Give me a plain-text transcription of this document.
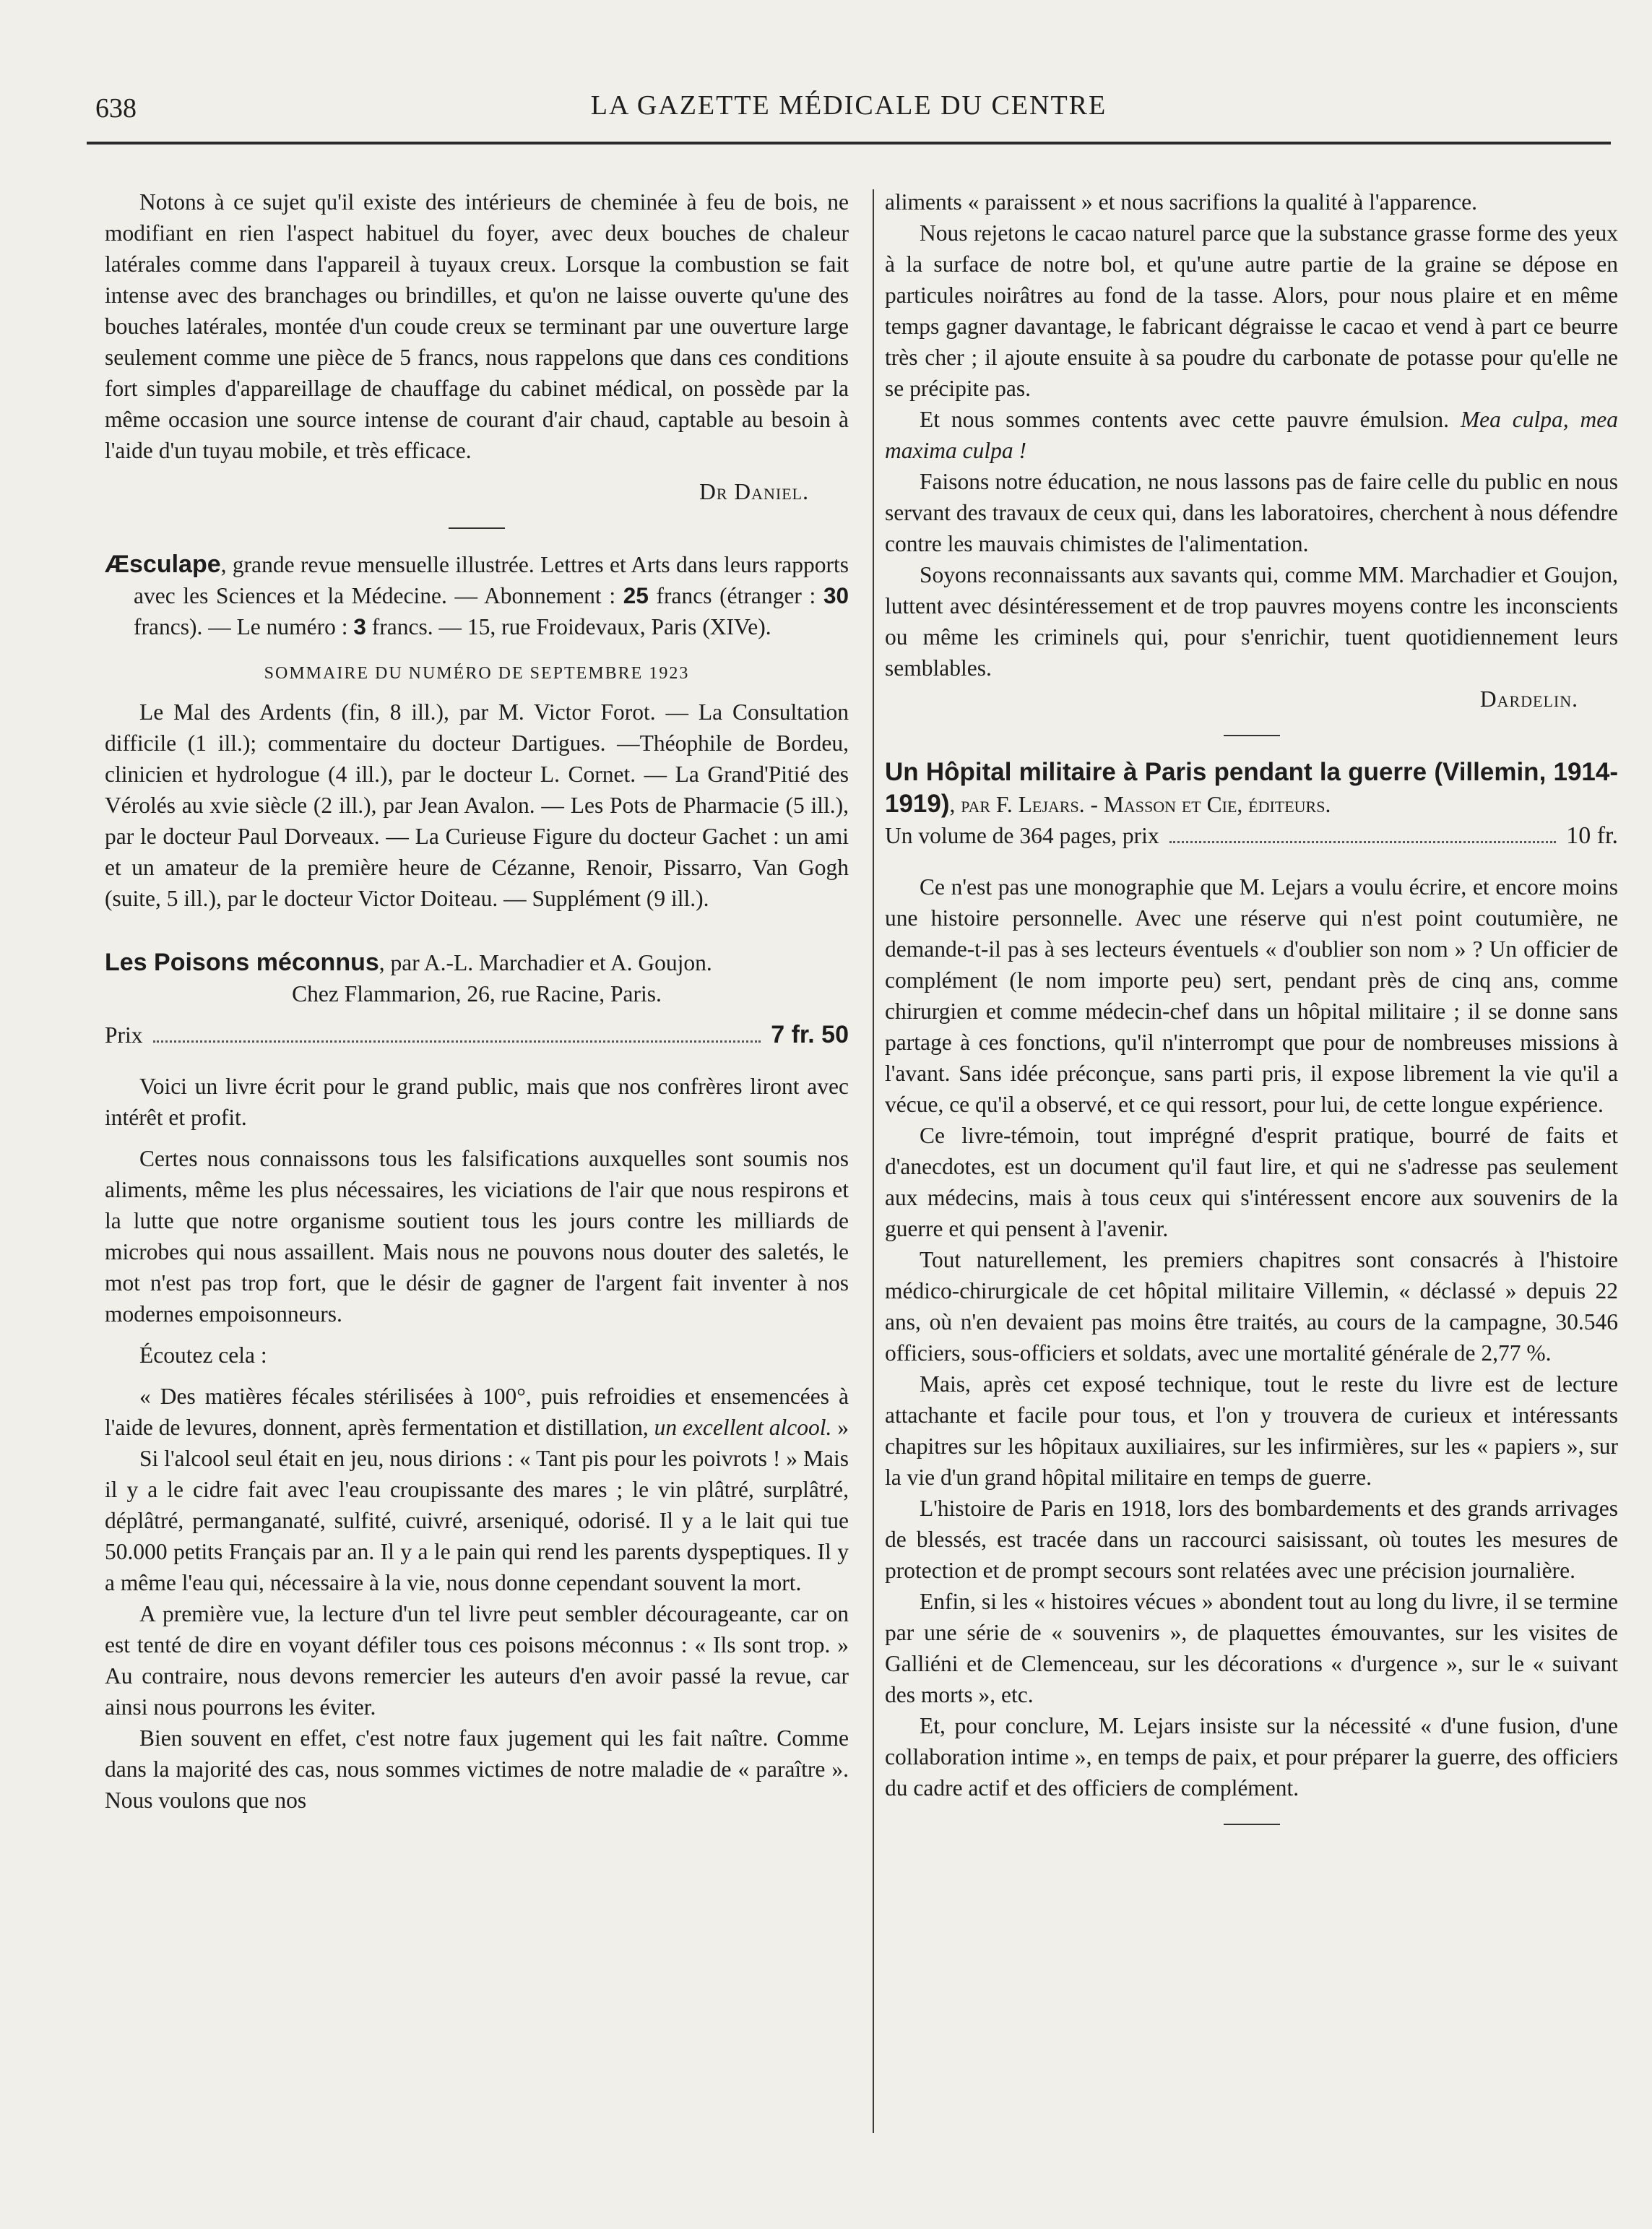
638	LA GAZETTE MÉDICALE DU CENTRE

Notons à ce sujet qu'il existe des intérieurs de cheminée à feu de bois, ne modifiant en rien l'aspect habituel du foyer, avec deux bouches de chaleur latérales comme dans l'appareil à tuyaux creux. Lorsque la combustion se fait intense avec des branchages ou brindilles, et qu'on ne laisse ouverte qu'une des bouches latérales, montée d'un coude creux se terminant par une ouverture large seulement comme une pièce de 5 francs, nous rappelons que dans ces conditions fort simples d'appareillage de chauffage du cabinet médical, on possède par la même occasion une source intense de courant d'air chaud, captable au besoin à l'aide d'un tuyau mobile, et très efficace.

Dr Daniel.

Æsculape, grande revue mensuelle illustrée. Lettres et Arts dans leurs rapports avec les Sciences et la Médecine. — Abonnement : 25 francs (étranger : 30 francs). — Le numéro : 3 francs. — 15, rue Froidevaux, Paris (XIVe).

SOMMAIRE DU NUMÉRO DE SEPTEMBRE 1923

Le Mal des Ardents (fin, 8 ill.), par M. Victor Forot. — La Consultation difficile (1 ill.); commentaire du docteur Dartigues. —Théophile de Bordeu, clinicien et hydrologue (4 ill.), par le docteur L. Cornet. — La Grand'Pitié des Vérolés au xvie siècle (2 ill.), par Jean Avalon. — Les Pots de Pharmacie (5 ill.), par le docteur Paul Dorveaux. — La Curieuse Figure du docteur Gachet : un ami et un amateur de la première heure de Cézanne, Renoir, Pissarro, Van Gogh (suite, 5 ill.), par le docteur Victor Doiteau. — Supplément (9 ill.).

Les Poisons méconnus, par A.-L. Marchadier et A. Goujon.

Chez Flammarion, 26, rue Racine, Paris.

Prix	7 fr. 50

Voici un livre écrit pour le grand public, mais que nos confrères liront avec intérêt et profit.

Certes nous connaissons tous les falsifications auxquelles sont soumis nos aliments, même les plus nécessaires, les viciations de l'air que nous respirons et la lutte que notre organisme soutient tous les jours contre les milliards de microbes qui nous assaillent. Mais nous ne pouvons nous douter des saletés, le mot n'est pas trop fort, que le désir de gagner de l'argent fait inventer à nos modernes empoisonneurs.

Écoutez cela :

« Des matières fécales stérilisées à 100°, puis refroidies et ensemencées à l'aide de levures, donnent, après fermentation et distillation, un excellent alcool. »

Si l'alcool seul était en jeu, nous dirions : « Tant pis pour les poivrots ! » Mais il y a le cidre fait avec l'eau croupissante des mares ; le vin plâtré, surplâtré, déplâtré, permanganaté, sulfité, cuivré, arseniqué, odorisé. Il y a le lait qui tue 50.000 petits Français par an. Il y a le pain qui rend les parents dyspeptiques. Il y a même l'eau qui, nécessaire à la vie, nous donne cependant souvent la mort.

A première vue, la lecture d'un tel livre peut sembler décourageante, car on est tenté de dire en voyant défiler tous ces poisons méconnus : « Ils sont trop. » Au contraire, nous devons remercier les auteurs d'en avoir passé la revue, car ainsi nous pourrons les éviter.

Bien souvent en effet, c'est notre faux jugement qui les fait naître. Comme dans la majorité des cas, nous sommes victimes de notre maladie de « paraître ». Nous voulons que nos

aliments « paraissent » et nous sacrifions la qualité à l'apparence.

Nous rejetons le cacao naturel parce que la substance grasse forme des yeux à la surface de notre bol, et qu'une autre partie de la graine se dépose en particules noirâtres au fond de la tasse. Alors, pour nous plaire et en même temps gagner davantage, le fabricant dégraisse le cacao et vend à part ce beurre très cher ; il ajoute ensuite à sa poudre du carbonate de potasse pour qu'elle ne se précipite pas.

Et nous sommes contents avec cette pauvre émulsion. Mea culpa, mea maxima culpa !

Faisons notre éducation, ne nous lassons pas de faire celle du public en nous servant des travaux de ceux qui, dans les laboratoires, cherchent à nous défendre contre les mauvais chimistes de l'alimentation.

Soyons reconnaissants aux savants qui, comme MM. Marchadier et Goujon, luttent avec désintéressement et de trop pauvres moyens contre les inconscients ou même les criminels qui, pour s'enrichir, tuent quotidiennement leurs semblables.

Dardelin.

Un Hôpital militaire à Paris pendant la guerre (Villemin, 1914-1919), par F. Lejars. - Masson et Cie, éditeurs.

Un volume de 364 pages, prix	10 fr.

Ce n'est pas une monographie que M. Lejars a voulu écrire, et encore moins une histoire personnelle. Avec une réserve qui n'est point coutumière, ne demande-t-il pas à ses lecteurs éventuels « d'oublier son nom » ? Un officier de complément (le nom importe peu) sert, pendant près de cinq ans, comme chirurgien et comme médecin-chef dans un hôpital militaire ; il se donne sans partage à ces fonctions, qu'il n'interrompt que pour de nombreuses missions à l'avant. Sans idée préconçue, sans parti pris, il expose librement la vie qu'il a vécue, ce qu'il a observé, et ce qui ressort, pour lui, de cette longue expérience.

Ce livre-témoin, tout imprégné d'esprit pratique, bourré de faits et d'anecdotes, est un document qu'il faut lire, et qui ne s'adresse pas seulement aux médecins, mais à tous ceux qui s'intéressent encore aux souvenirs de la guerre et qui pensent à l'avenir.

Tout naturellement, les premiers chapitres sont consacrés à l'histoire médico-chirurgicale de cet hôpital militaire Villemin, « déclassé » depuis 22 ans, où n'en devaient pas moins être traités, au cours de la campagne, 30.546 officiers, sous-officiers et soldats, avec une mortalité générale de 2,77 %.

Mais, après cet exposé technique, tout le reste du livre est de lecture attachante et facile pour tous, et l'on y trouvera de curieux et intéressants chapitres sur les hôpitaux auxiliaires, sur les infirmières, sur les « papiers », sur la vie d'un grand hôpital militaire en temps de guerre.

L'histoire de Paris en 1918, lors des bombardements et des grands arrivages de blessés, est tracée dans un raccourci saisissant, où toutes les mesures de protection et de prompt secours sont relatées avec une précision journalière.

Enfin, si les « histoires vécues » abondent tout au long du livre, il se termine par une série de « souvenirs », de plaquettes émouvantes, sur les visites de Galliéni et de Clemenceau, sur les décorations « d'urgence », sur le « suivant des morts », etc.

Et, pour conclure, M. Lejars insiste sur la nécessité « d'une fusion, d'une collaboration intime », en temps de paix, et pour préparer la guerre, des officiers du cadre actif et des officiers de complément.
